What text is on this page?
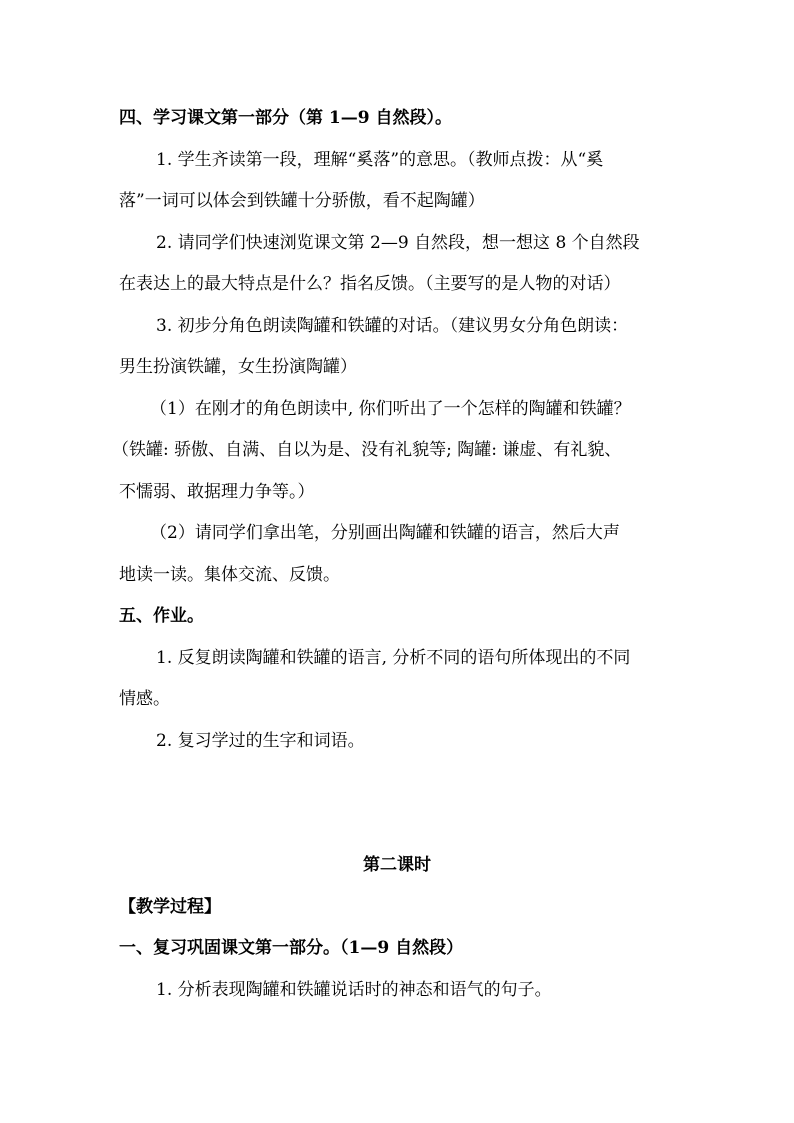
四、学习课文第一部分（第 1—9 自然段）。
1. 学生齐读第一段，理解“奚落”的意思。（教师点拨：从“奚
落”一词可以体会到铁罐十分骄傲，看不起陶罐）
2. 请同学们快速浏览课文第 2—9 自然段，想一想这 8 个自然段
在表达上的最大特点是什么？指名反馈。（主要写的是人物的对话）
3. 初步分角色朗读陶罐和铁罐的对话。（建议男女分角色朗读：
男生扮演铁罐，女生扮演陶罐）
（1）在刚才的角色朗读中, 你们听出了一个怎样的陶罐和铁罐？
（铁罐: 骄傲、自满、自以为是、没有礼貌等; 陶罐: 谦虚、有礼貌、
不懦弱、敢据理力争等。）
（2）请同学们拿出笔，分别画出陶罐和铁罐的语言，然后大声
地读一读。集体交流、反馈。
五、作业。
1. 反复朗读陶罐和铁罐的语言, 分析不同的语句所体现出的不同
情感。
2. 复习学过的生字和词语。
第二课时
【教学过程】
一、复习巩固课文第一部分。（1—9 自然段）
1. 分析表现陶罐和铁罐说话时的神态和语气的句子。
